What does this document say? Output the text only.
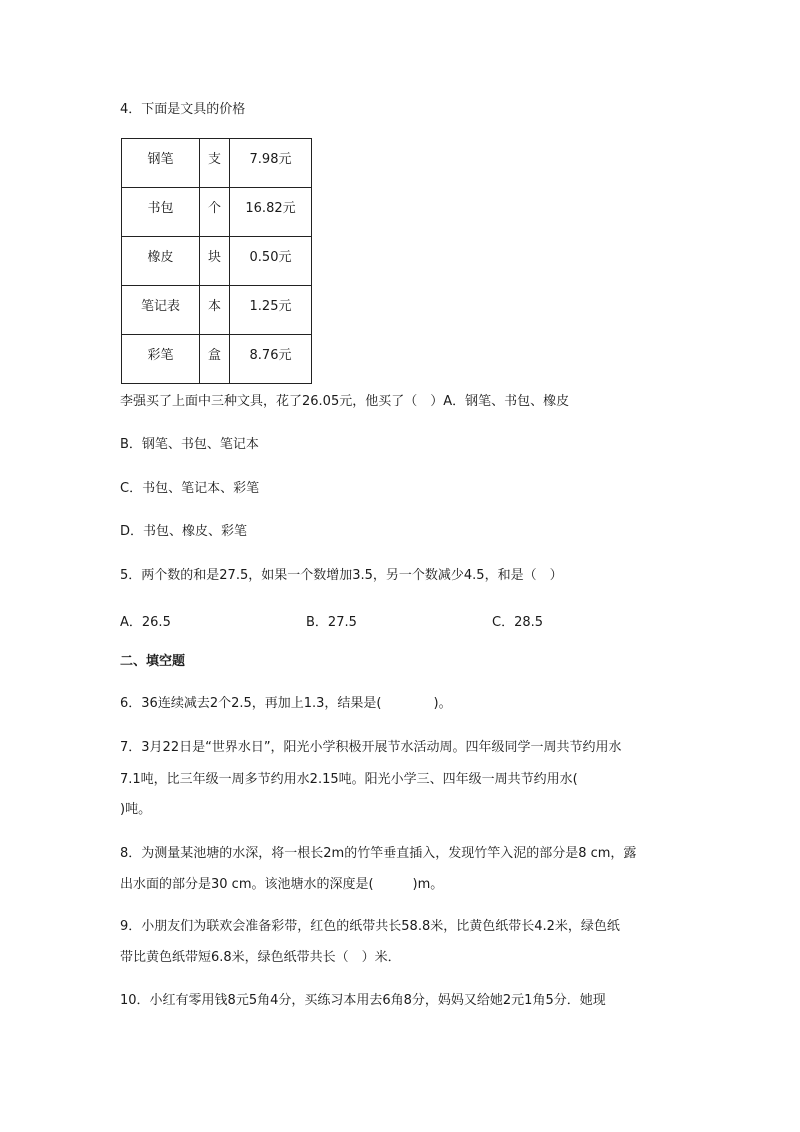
4．下面是文具的价格
钢笔	支	7.98元
书包	个	16.82元
橡皮	块	0.50元
笔记表	本	1.25元
彩笔	盒	8.76元
李强买了上面中三种文具，花了26.05元，他买了（　）A．钢笔、书包、橡皮
B．钢笔、书包、笔记本
C．书包、笔记本、彩笔
D．书包、橡皮、彩笔
5．两个数的和是27.5，如果一个数增加3.5，另一个数减少4.5，和是（　）
A．26.5	B．27.5	C．28.5
二、填空题
6．36连续减去2个2.5，再加上1.3，结果是(　　　　)。
7．3月22日是“世界水日”，阳光小学积极开展节水活动周。四年级同学一周共节约用水
7.1吨，比三年级一周多节约用水2.15吨。阳光小学三、四年级一周共节约用水(
)吨。
8．为测量某池塘的水深，将一根长2m的竹竿垂直插入，发现竹竿入泥的部分是8 cm，露
出水面的部分是30 cm。该池塘水的深度是(　　　)m。
9．小朋友们为联欢会准备彩带，红色的纸带共长58.8米，比黄色纸带长4.2米，绿色纸
带比黄色纸带短6.8米，绿色纸带共长（　）米．
10．小红有零用钱8元5角4分，买练习本用去6角8分，妈妈又给她2元1角5分．她现
